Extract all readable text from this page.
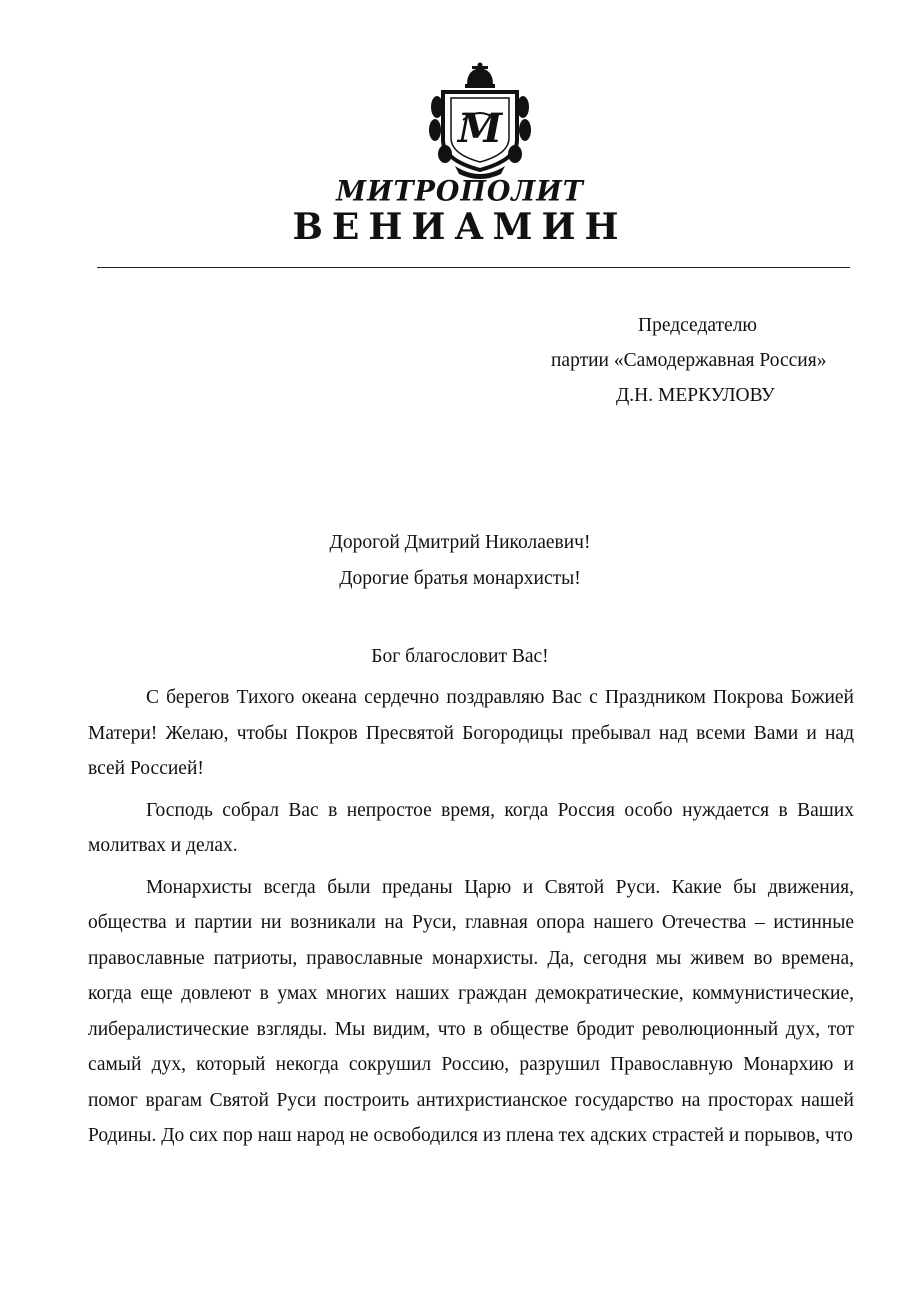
M
МИТРОПОЛИТ
ВЕНИАМИН
Председателю
партии «Самодержавная Россия»
Д.Н. МЕРКУЛОВУ
Дорогой Дмитрий Николаевич!
Дорогие братья монархисты!
Бог благословит Вас!

С берегов Тихого океана сердечно поздравляю Вас с Праздником Покрова Божией Матери! Желаю, чтобы Покров Пресвятой Богородицы пребывал над всеми Вами и над всей Россией!

Господь собрал Вас в непростое время, когда Россия особо нуждается в Ваших молитвах и делах.

Монархисты всегда были преданы Царю и Святой Руси. Какие бы движения, общества и партии ни возникали на Руси, главная опора нашего Отечества – истинные православные патриоты, православные монархисты. Да, сегодня мы живем во времена, когда еще довлеют в умах многих наших граждан демократические, коммунистические, либералистические взгляды. Мы видим, что в обществе бродит революционный дух, тот самый дух, который некогда сокрушил Россию, разрушил Православную Монархию и помог врагам Святой Руси построить антихристианское государство на просторах нашей Родины. До сих пор наш народ не освободился из плена тех адских страстей и порывов, что
